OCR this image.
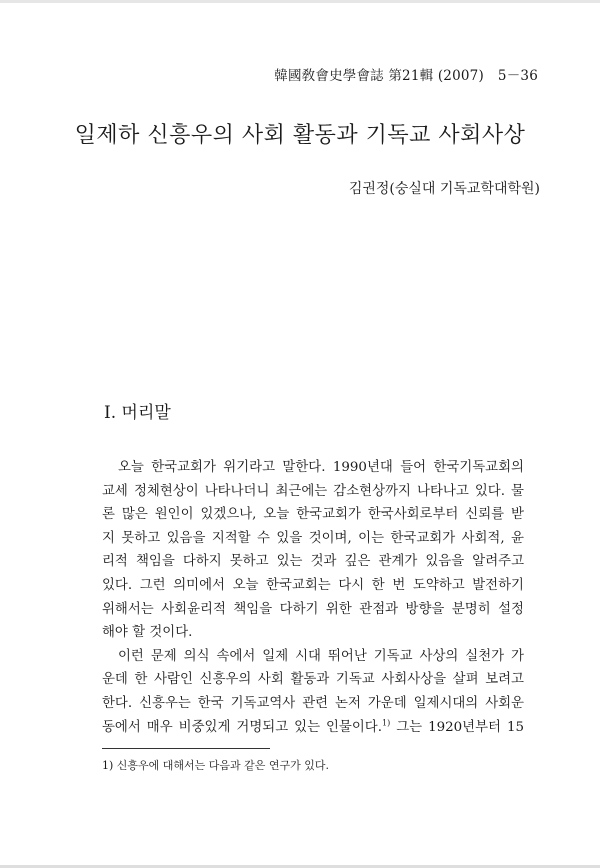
韓國敎會史學會誌 第21輯 (2007) 5－36
일제하 신흥우의 사회 활동과 기독교 사회사상
김권정(숭실대 기독교학대학원)
I. 머리말
오늘 한국교회가 위기라고 말한다. 1990년대 들어 한국기독교회의
교세 정체현상이 나타나더니 최근에는 감소현상까지 나타나고 있다. 물
론 많은 원인이 있겠으나, 오늘 한국교회가 한국사회로부터 신뢰를 받
지 못하고 있음을 지적할 수 있을 것이며, 이는 한국교회가 사회적, 윤
리적 책임을 다하지 못하고 있는 것과 깊은 관계가 있음을 알려주고
있다. 그런 의미에서 오늘 한국교회는 다시 한 번 도약하고 발전하기
위해서는 사회윤리적 책임을 다하기 위한 관점과 방향을 분명히 설정
해야 할 것이다.
이런 문제 의식 속에서 일제 시대 뛰어난 기독교 사상의 실천가 가
운데 한 사람인 신흥우의 사회 활동과 기독교 사회사상을 살펴 보려고
한다. 신흥우는 한국 기독교역사 관련 논저 가운데 일제시대의 사회운
동에서 매우 비중있게 거명되고 있는 인물이다.$^{1)}$ 그는 1920년부터 15
1) 신흥우에 대해서는 다음과 같은 연구가 있다.
